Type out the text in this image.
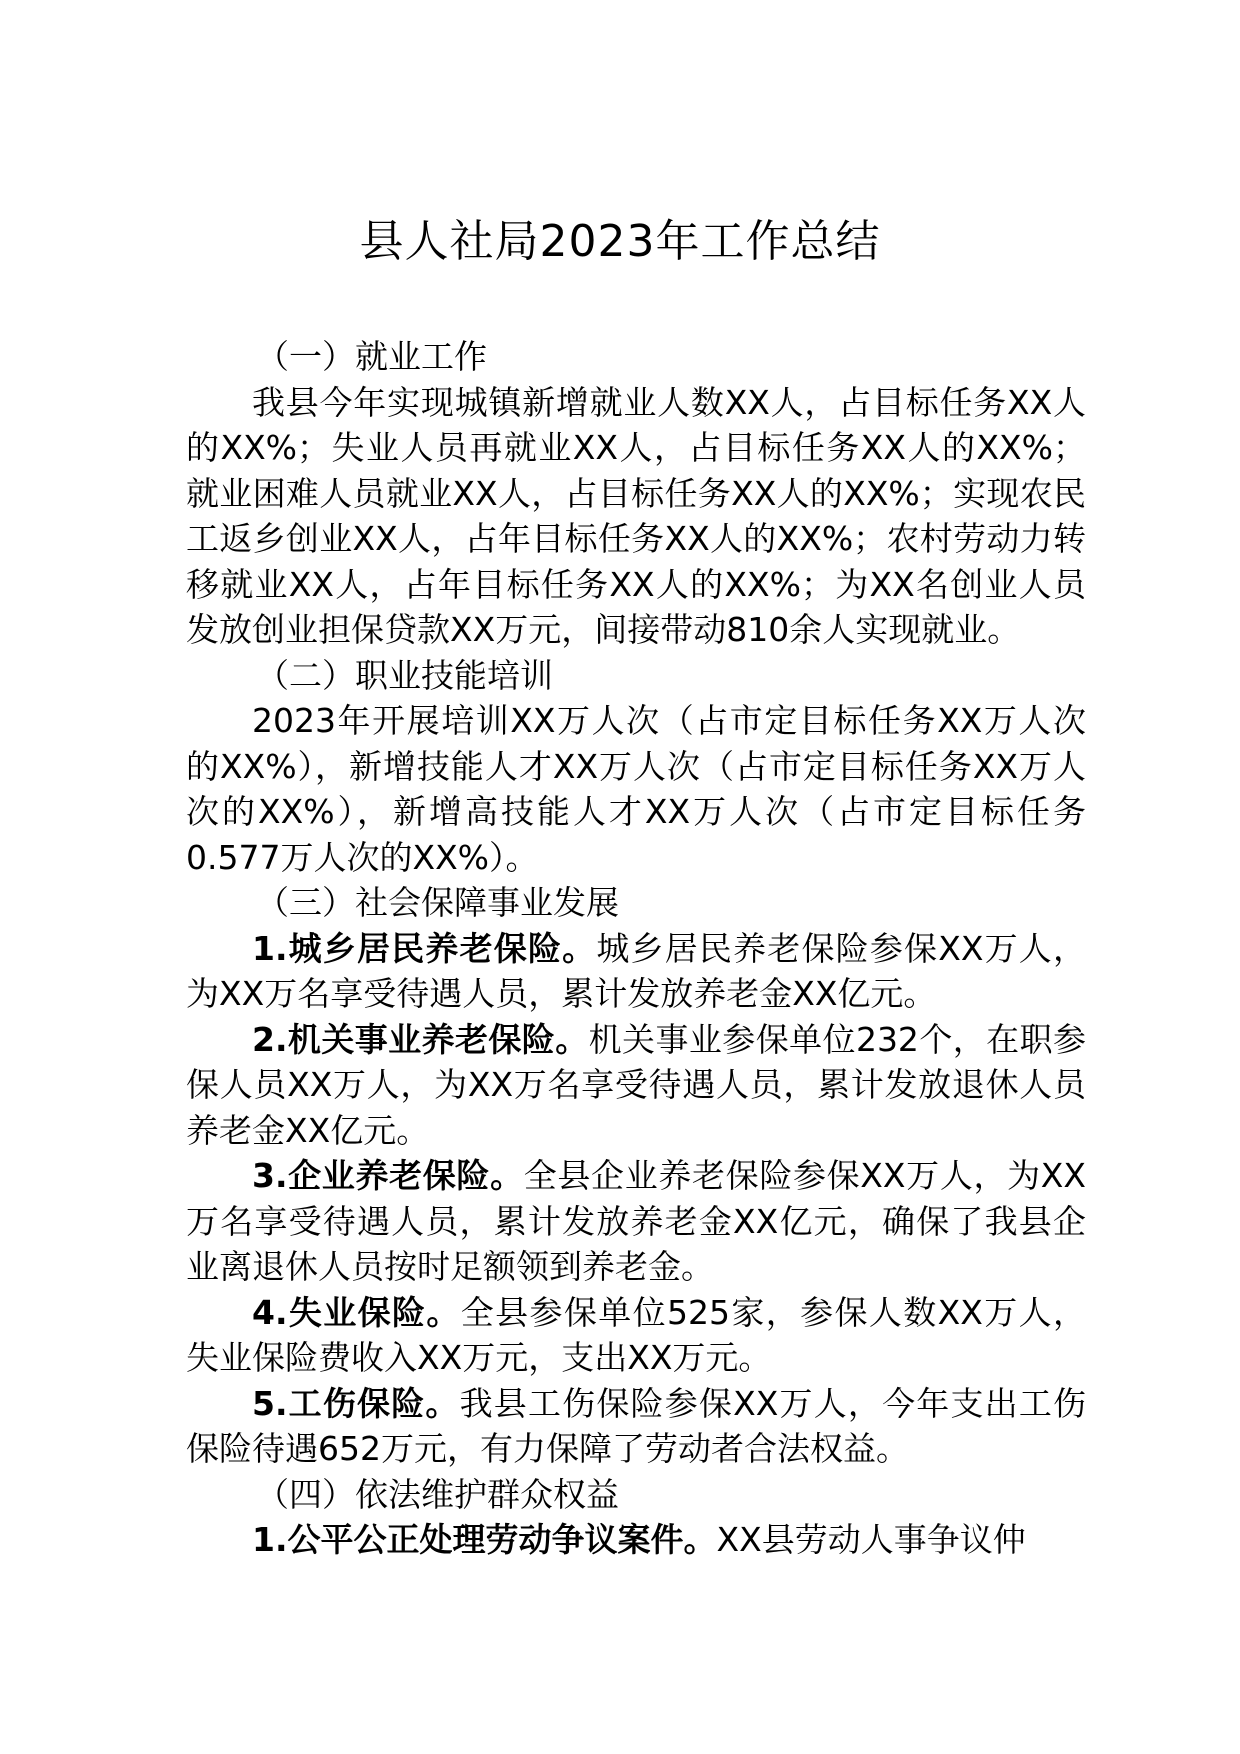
县人社局2023年工作总结

（一）就业工作

我县今年实现城镇新增就业人数XX人，占目标任务XX人的XX%；失业人员再就业XX人，占目标任务XX人的XX%；就业困难人员就业XX人，占目标任务XX人的XX%；实现农民工返乡创业XX人，占年目标任务XX人的XX%；农村劳动力转移就业XX人，占年目标任务XX人的XX%；为XX名创业人员发放创业担保贷款XX万元，间接带动810余人实现就业。

（二）职业技能培训

2023年开展培训XX万人次（占市定目标任务XX万人次的XX%），新增技能人才XX万人次（占市定目标任务XX万人次的XX%），新增高技能人才XX万人次（占市定目标任务0.577万人次的XX%）。

（三）社会保障事业发展

1.城乡居民养老保险。城乡居民养老保险参保XX万人，为XX万名享受待遇人员，累计发放养老金XX亿元。

2.机关事业养老保险。机关事业参保单位232个，在职参保人员XX万人，为XX万名享受待遇人员，累计发放退休人员养老金XX亿元。

3.企业养老保险。全县企业养老保险参保XX万人，为XX万名享受待遇人员，累计发放养老金XX亿元，确保了我县企业离退休人员按时足额领到养老金。

4.失业保险。全县参保单位525家，参保人数XX万人，失业保险费收入XX万元，支出XX万元。

5.工伤保险。我县工伤保险参保XX万人，今年支出工伤保险待遇652万元，有力保障了劳动者合法权益。

（四）依法维护群众权益

1.公平公正处理劳动争议案件。XX县劳动人事争议仲
